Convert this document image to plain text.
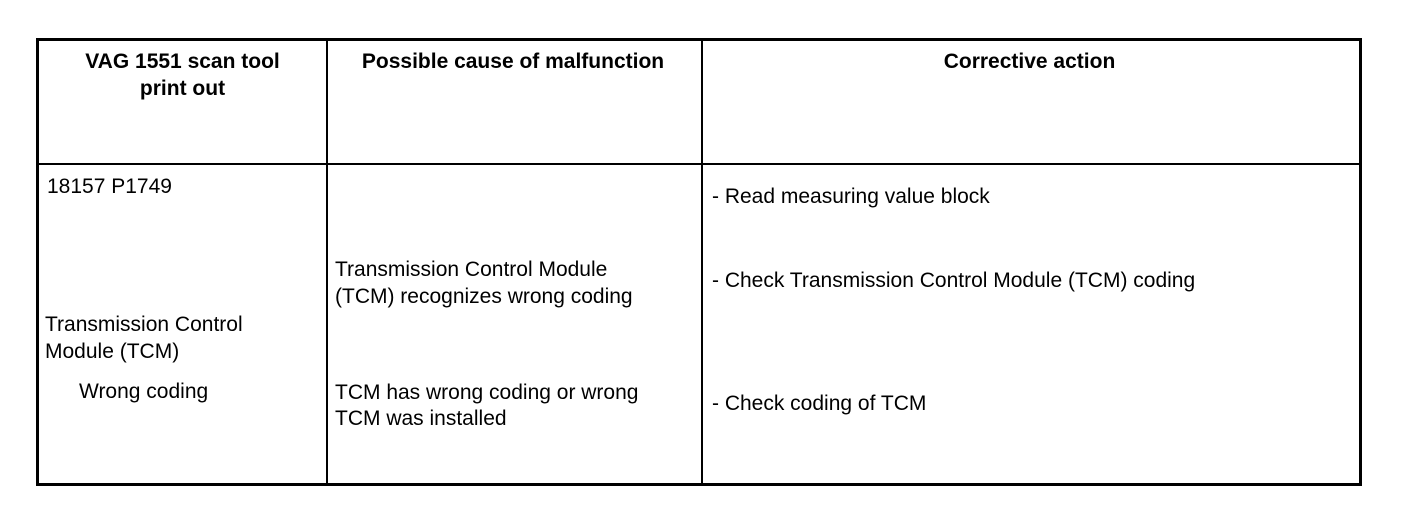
VAG 1551 scan tool
print out
Possible cause of malfunction	Corrective action
18157 P1749
Transmission Control
Module (TCM)
Wrong coding
Transmission Control Module
(TCM) recognizes wrong coding
TCM has wrong coding or wrong
TCM was installed
- Read measuring value block
- Check Transmission Control Module (TCM) coding
- Check coding of TCM
